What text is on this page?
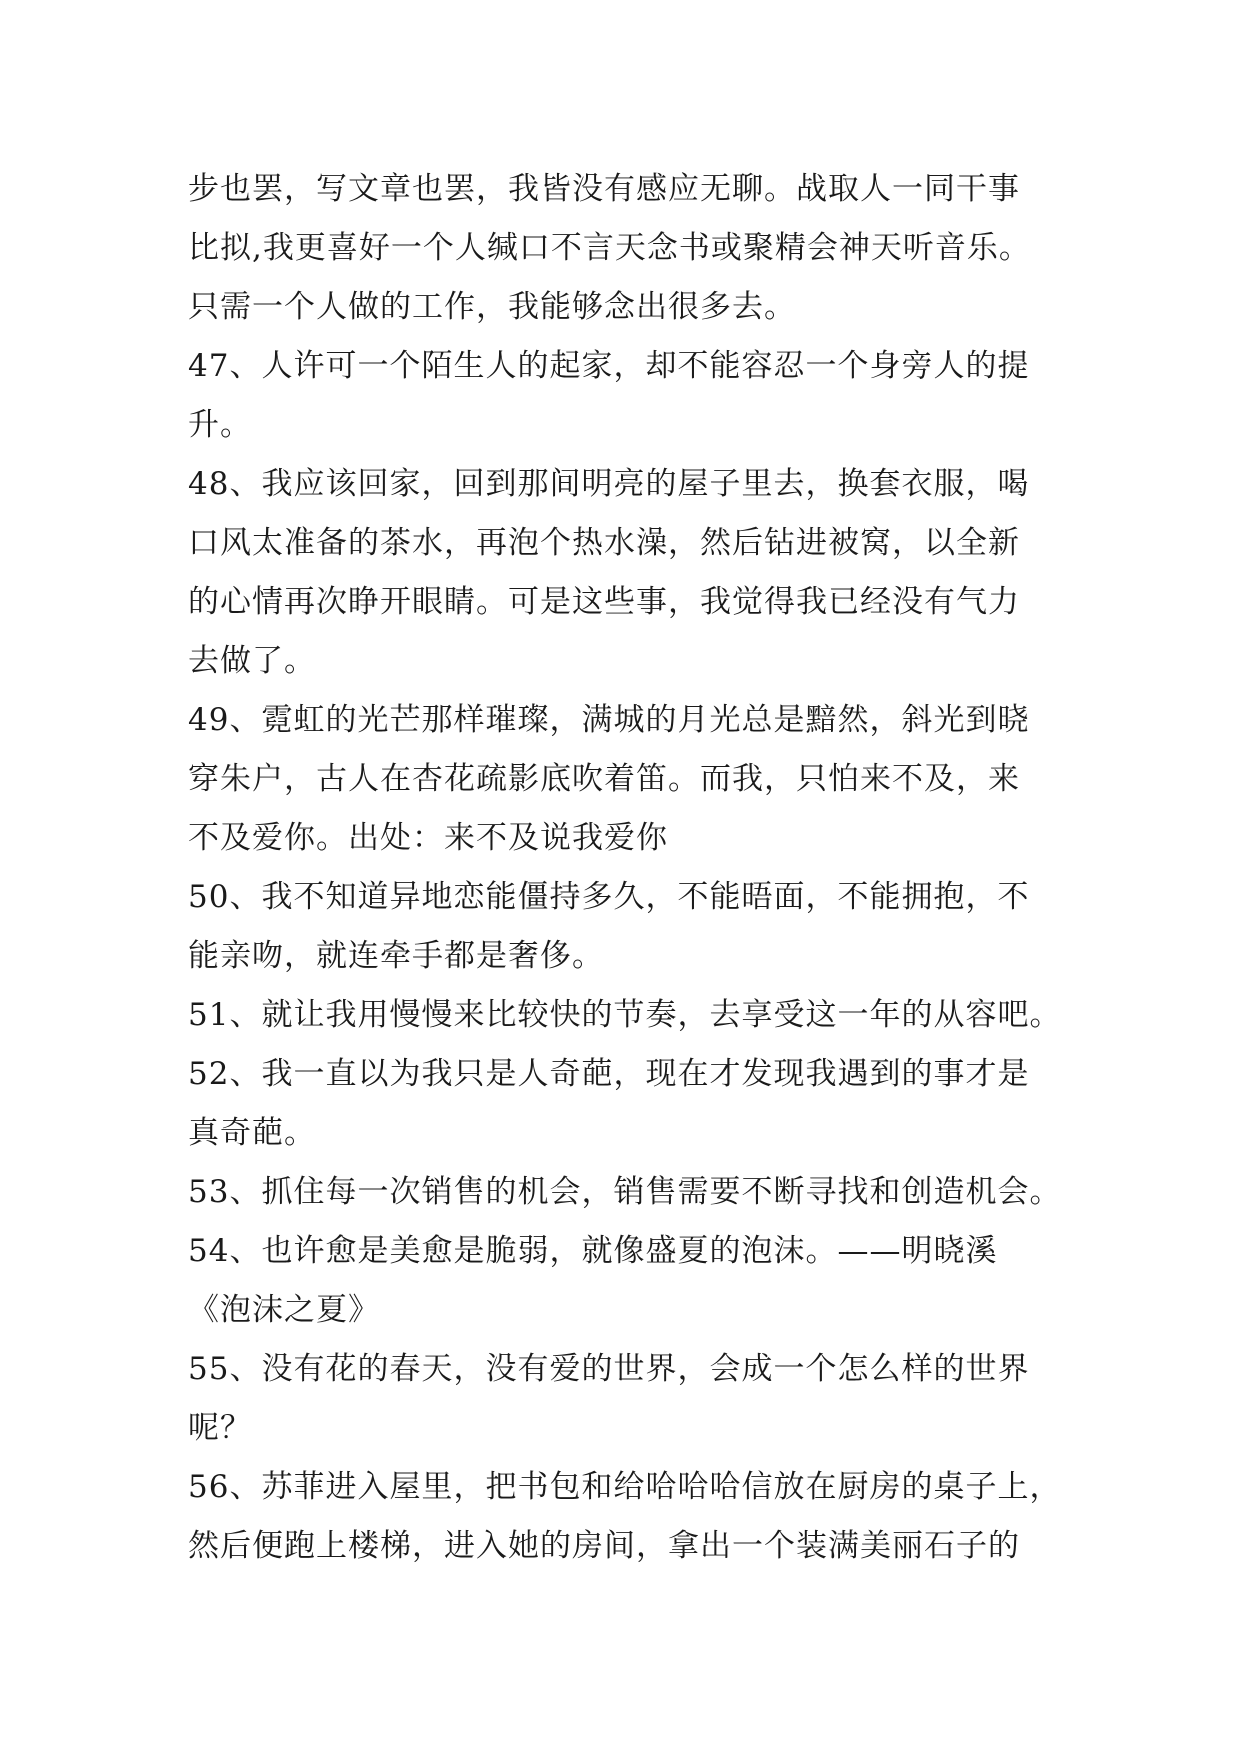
步也罢，写文章也罢，我皆没有感应无聊。战取人一同干事
比拟,我更喜好一个人缄口不言天念书或聚精会神天听音乐。
只需一个人做的工作，我能够念出很多去。
47、人许可一个陌生人的起家，却不能容忍一个身旁人的提
升。
48、我应该回家，回到那间明亮的屋子里去，换套衣服，喝
口风太准备的茶水，再泡个热水澡，然后钻进被窝，以全新
的心情再次睁开眼睛。可是这些事，我觉得我已经没有气力
去做了。
49、霓虹的光芒那样璀璨，满城的月光总是黯然，斜光到晓
穿朱户，古人在杏花疏影底吹着笛。而我，只怕来不及，来
不及爱你。出处：来不及说我爱你
50、我不知道异地恋能僵持多久，不能晤面，不能拥抱，不
能亲吻，就连牵手都是奢侈。
51、就让我用慢慢来比较快的节奏，去享受这一年的从容吧。
52、我一直以为我只是人奇葩，现在才发现我遇到的事才是
真奇葩。
53、抓住每一次销售的机会，销售需要不断寻找和创造机会。
54、也许愈是美愈是脆弱，就像盛夏的泡沫。——明晓溪
《泡沫之夏》
55、没有花的春天，没有爱的世界，会成一个怎么样的世界
呢？
56、苏菲进入屋里，把书包和给哈哈哈信放在厨房的桌子上，
然后便跑上楼梯，进入她的房间，拿出一个装满美丽石子的
